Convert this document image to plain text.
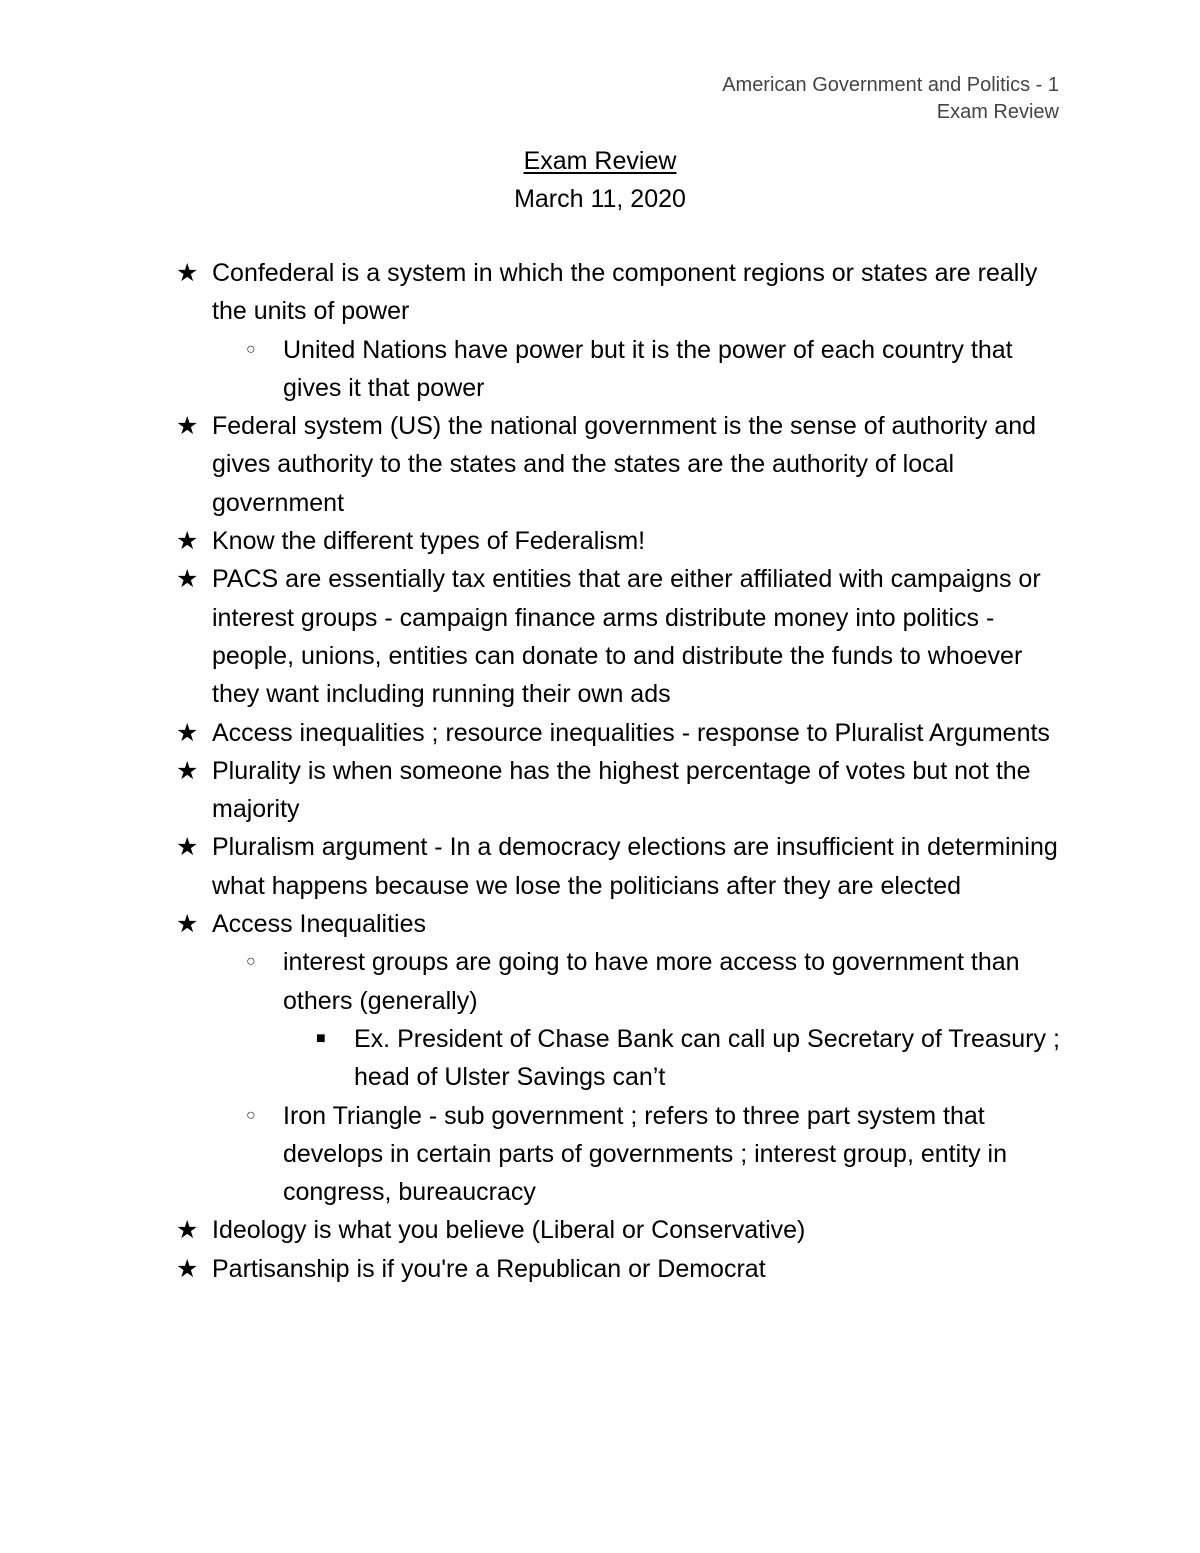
American Government and Politics - 1
Exam Review
Exam Review
March 11, 2020
★ Confederal is a system in which the component regions or states are really the units of power
○ United Nations have power but it is the power of each country that gives it that power
★ Federal system (US) the national government is the sense of authority and gives authority to the states and the states are the authority of local government
★ Know the different types of Federalism!
★ PACS are essentially tax entities that are either affiliated with campaigns or interest groups - campaign finance arms distribute money into politics - people, unions, entities can donate to and distribute the funds to whoever they want including running their own ads
★ Access inequalities ; resource inequalities - response to Pluralist Arguments
★ Plurality is when someone has the highest percentage of votes but not the majority
★ Pluralism argument - In a democracy elections are insufficient in determining what happens because we lose the politicians after they are elected
★ Access Inequalities
○ interest groups are going to have more access to government than others (generally)
■ Ex. President of Chase Bank can call up Secretary of Treasury ; head of Ulster Savings can’t
○ Iron Triangle - sub government ; refers to three part system that develops in certain parts of governments ; interest group, entity in congress, bureaucracy
★ Ideology is what you believe (Liberal or Conservative)
★ Partisanship is if you're a Republican or Democrat
